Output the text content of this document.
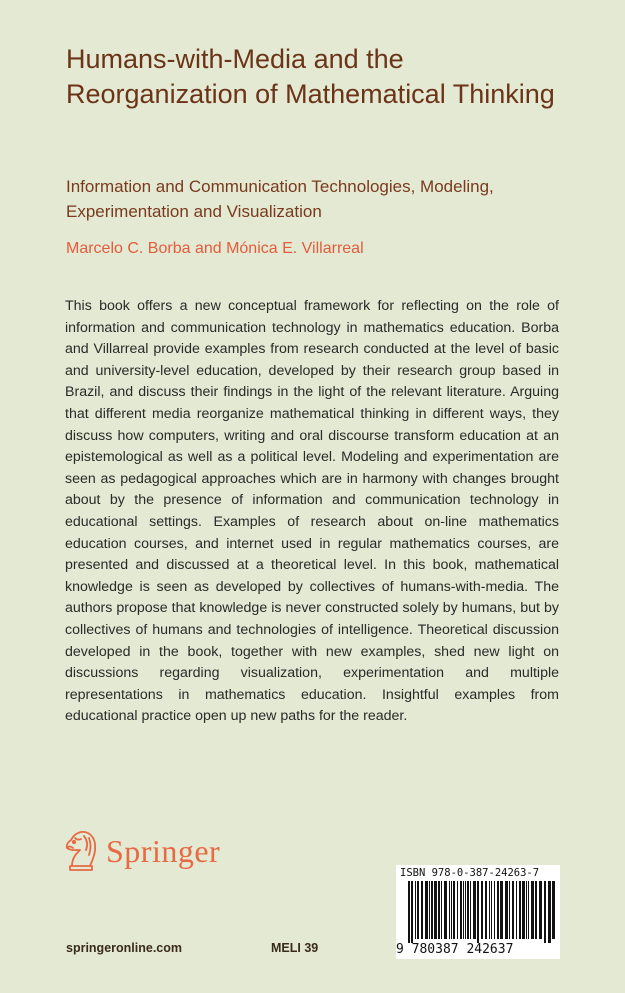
Humans-with-Media and the Reorganization of Mathematical Thinking

Information and Communication Technologies, Modeling, Experimentation and Visualization

Marcelo C. Borba and Mónica E. Villarreal

This book offers a new conceptual framework for reflecting on the role of information and communication technology in mathematics education. Borba and Villarreal provide examples from research conducted at the level of basic and university-level education, developed by their research group based in Brazil, and discuss their findings in the light of the relevant literature. Arguing that different media reorganize mathematical thinking in different ways, they discuss how computers, writing and oral discourse transform education at an epistemological as well as a political level. Modeling and experimentation are seen as pedagogical approaches which are in harmony with changes brought about by the presence of information and communication technology in educational settings. Examples of research about on-line mathematics education courses, and internet used in regular mathematics courses, are presented and discussed at a theoretical level. In this book, mathematical knowledge is seen as developed by collectives of humans-with-media. The authors propose that knowledge is never constructed solely by humans, but by collectives of humans and technologies of intelligence. Theoretical discussion developed in the book, together with new examples, shed new light on discussions regarding visualization, experimentation and multiple representations in mathematics education. Insightful examples from educational practice open up new paths for the reader.

Springer
springeronline.com	MELI 39
ISBN 978-0-387-24263-7
9 780387 242637
